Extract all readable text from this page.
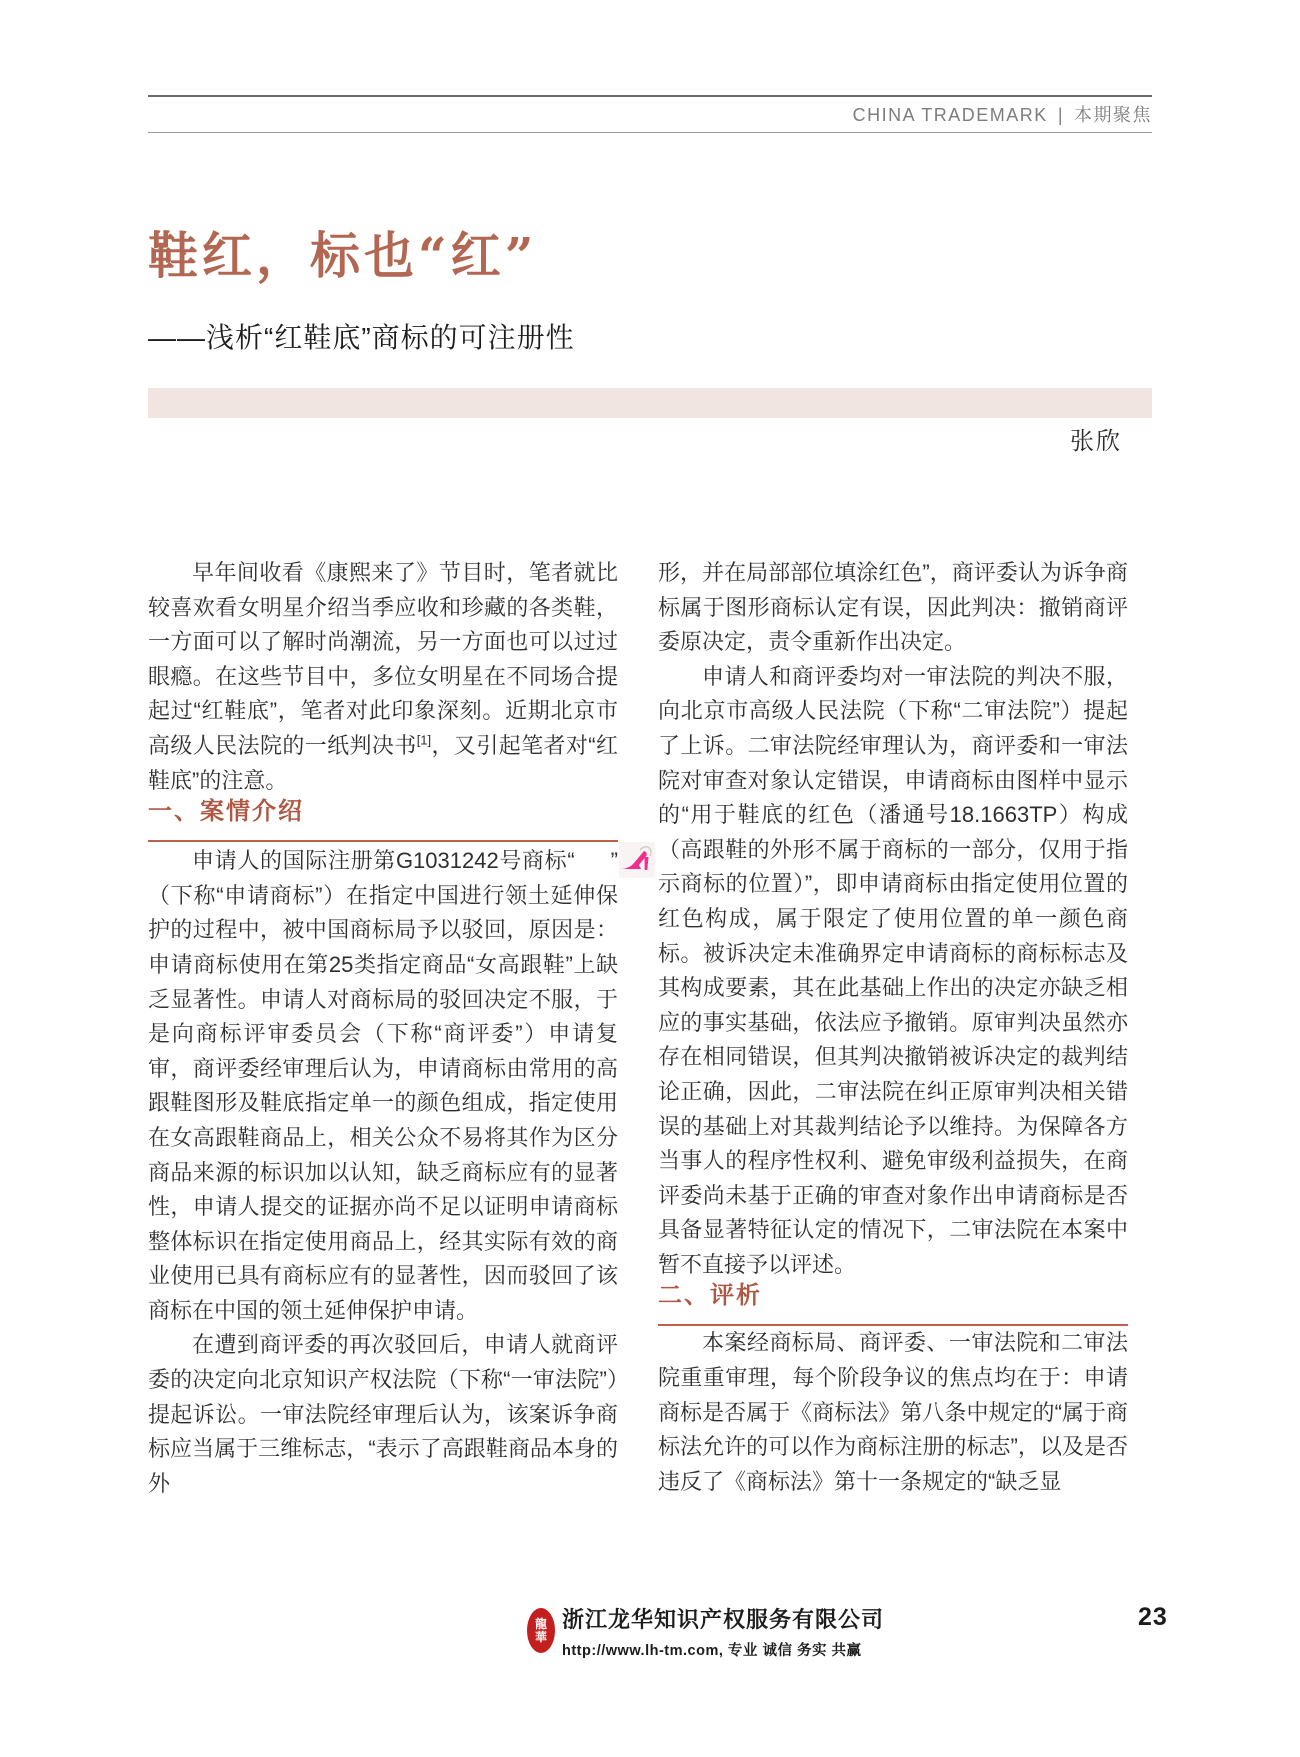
CHINA TRADEMARK | 本期聚焦
鞋红，标也“红”
——浅析“红鞋底”商标的可注册性
张欣

早年间收看《康熙来了》节目时，笔者就比较喜欢看女明星介绍当季应收和珍藏的各类鞋，一方面可以了解时尚潮流，另一方面也可以过过眼瘾。在这些节目中，多位女明星在不同场合提起过“红鞋底”，笔者对此印象深刻。近期北京市高级人民法院的一纸判决书[1]，又引起笔者对“红鞋底”的注意。

一、案情介绍

申请人的国际注册第G1031242号商标“ ”（下称“申请商标”）在指定中国进行领土延伸保护的过程中，被中国商标局予以驳回，原因是：申请商标使用在第25类指定商品“女高跟鞋”上缺乏显著性。申请人对商标局的驳回决定不服，于是向商标评审委员会（下称“商评委”）申请复审，商评委经审理后认为，申请商标由常用的高跟鞋图形及鞋底指定单一的颜色组成，指定使用在女高跟鞋商品上，相关公众不易将其作为区分商品来源的标识加以认知，缺乏商标应有的显著性，申请人提交的证据亦尚不足以证明申请商标整体标识在指定使用商品上，经其实际有效的商业使用已具有商标应有的显著性，因而驳回了该商标在中国的领土延伸保护申请。

在遭到商评委的再次驳回后，申请人就商评委的决定向北京知识产权法院（下称“一审法院”）提起诉讼。一审法院经审理后认为，该案诉争商标应当属于三维标志，“表示了高跟鞋商品本身的外

形，并在局部部位填涂红色”，商评委认为诉争商标属于图形商标认定有误，因此判决：撤销商评委原决定，责令重新作出决定。

申请人和商评委均对一审法院的判决不服，向北京市高级人民法院（下称“二审法院”）提起了上诉。二审法院经审理认为，商评委和一审法院对审查对象认定错误，申请商标由图样中显示的“用于鞋底的红色（潘通号18.1663TP）构成（高跟鞋的外形不属于商标的一部分，仅用于指示商标的位置）”，即申请商标由指定使用位置的红色构成，属于限定了使用位置的单一颜色商标。被诉决定未准确界定申请商标的商标标志及其构成要素，其在此基础上作出的决定亦缺乏相应的事实基础，依法应予撤销。原审判决虽然亦存在相同错误，但其判决撤销被诉决定的裁判结论正确，因此，二审法院在纠正原审判决相关错误的基础上对其裁判结论予以维持。为保障各方当事人的程序性权利、避免审级利益损失，在商评委尚未基于正确的审查对象作出申请商标是否具备显著特征认定的情况下，二审法院在本案中暂不直接予以评述。

二、评析

本案经商标局、商评委、一审法院和二审法院重重审理，每个阶段争议的焦点均在于：申请商标是否属于《商标法》第八条中规定的“属于商标法允许的可以作为商标注册的标志”，以及是否违反了《商标法》第十一条规定的“缺乏显

龍
華
浙江龙华知识产权服务有限公司
http://www.lh-tm.com, 专业 诚信 务实 共赢
23
